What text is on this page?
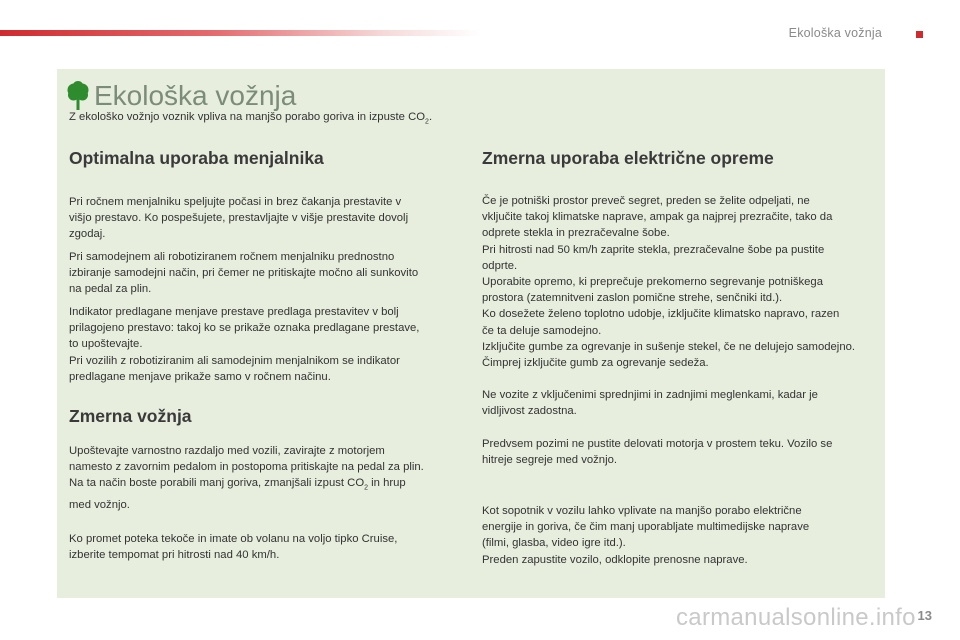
Ekološka vožnja
Ekološka vožnja
Z ekološko vožnjo voznik vpliva na manjšo porabo goriva in izpuste $CO_2$.
Optimalna uporaba menjalnika
Pri ročnem menjalniku speljujte počasi in brez čakanja prestavite v
višjo prestavo. Ko pospešujete, prestavljajte v višje prestavite dovolj
zgodaj.
Pri samodejnem ali robotiziranem ročnem menjalniku prednostno
izbiranje samodejni način, pri čemer ne pritiskajte močno ali sunkovito
na pedal za plin.
Indikator predlagane menjave prestave predlaga prestavitev v bolj
prilagojeno prestavo: takoj ko se prikaže oznaka predlagane prestave,
to upoštevajte.
Pri vozilih z robotiziranim ali samodejnim menjalnikom se indikator
predlagane menjave prikaže samo v ročnem načinu.
Zmerna vožnja
Upoštevajte varnostno razdaljo med vozili, zavirajte z motorjem
namesto z zavornim pedalom in postopoma pritiskajte na pedal za plin.
Na ta način boste porabili manj goriva, zmanjšali izpust $CO_2$ in hrup
med vožnjo.
Ko promet poteka tekoče in imate ob volanu na voljo tipko Cruise,
izberite tempomat pri hitrosti nad 40 km/h.
Zmerna uporaba električne opreme
Če je potniški prostor preveč segret, preden se želite odpeljati, ne
vključite takoj klimatske naprave, ampak ga najprej prezračite, tako da
odprete stekla in prezračevalne šobe.
Pri hitrosti nad 50 km/h zaprite stekla, prezračevalne šobe pa pustite
odprte.
Uporabite opremo, ki preprečuje prekomerno segrevanje potniškega
prostora (zatemnitveni zaslon pomične strehe, senčniki itd.).
Ko dosežete želeno toplotno udobje, izključite klimatsko napravo, razen
če ta deluje samodejno.
Izključite gumbe za ogrevanje in sušenje stekel, če ne delujejo samodejno.
Čimprej izključite gumb za ogrevanje sedeža.
Ne vozite z vključenimi sprednjimi in zadnjimi meglenkami, kadar je
vidljivost zadostna.
Predvsem pozimi ne pustite delovati motorja v prostem teku. Vozilo se
hitreje segreje med vožnjo.
Kot sopotnik v vozilu lahko vplivate na manjšo porabo električne
energije in goriva, če čim manj uporabljate multimedijske naprave
(filmi, glasba, video igre itd.).
Preden zapustite vozilo, odklopite prenosne naprave.
carmanualsonline.info 13
